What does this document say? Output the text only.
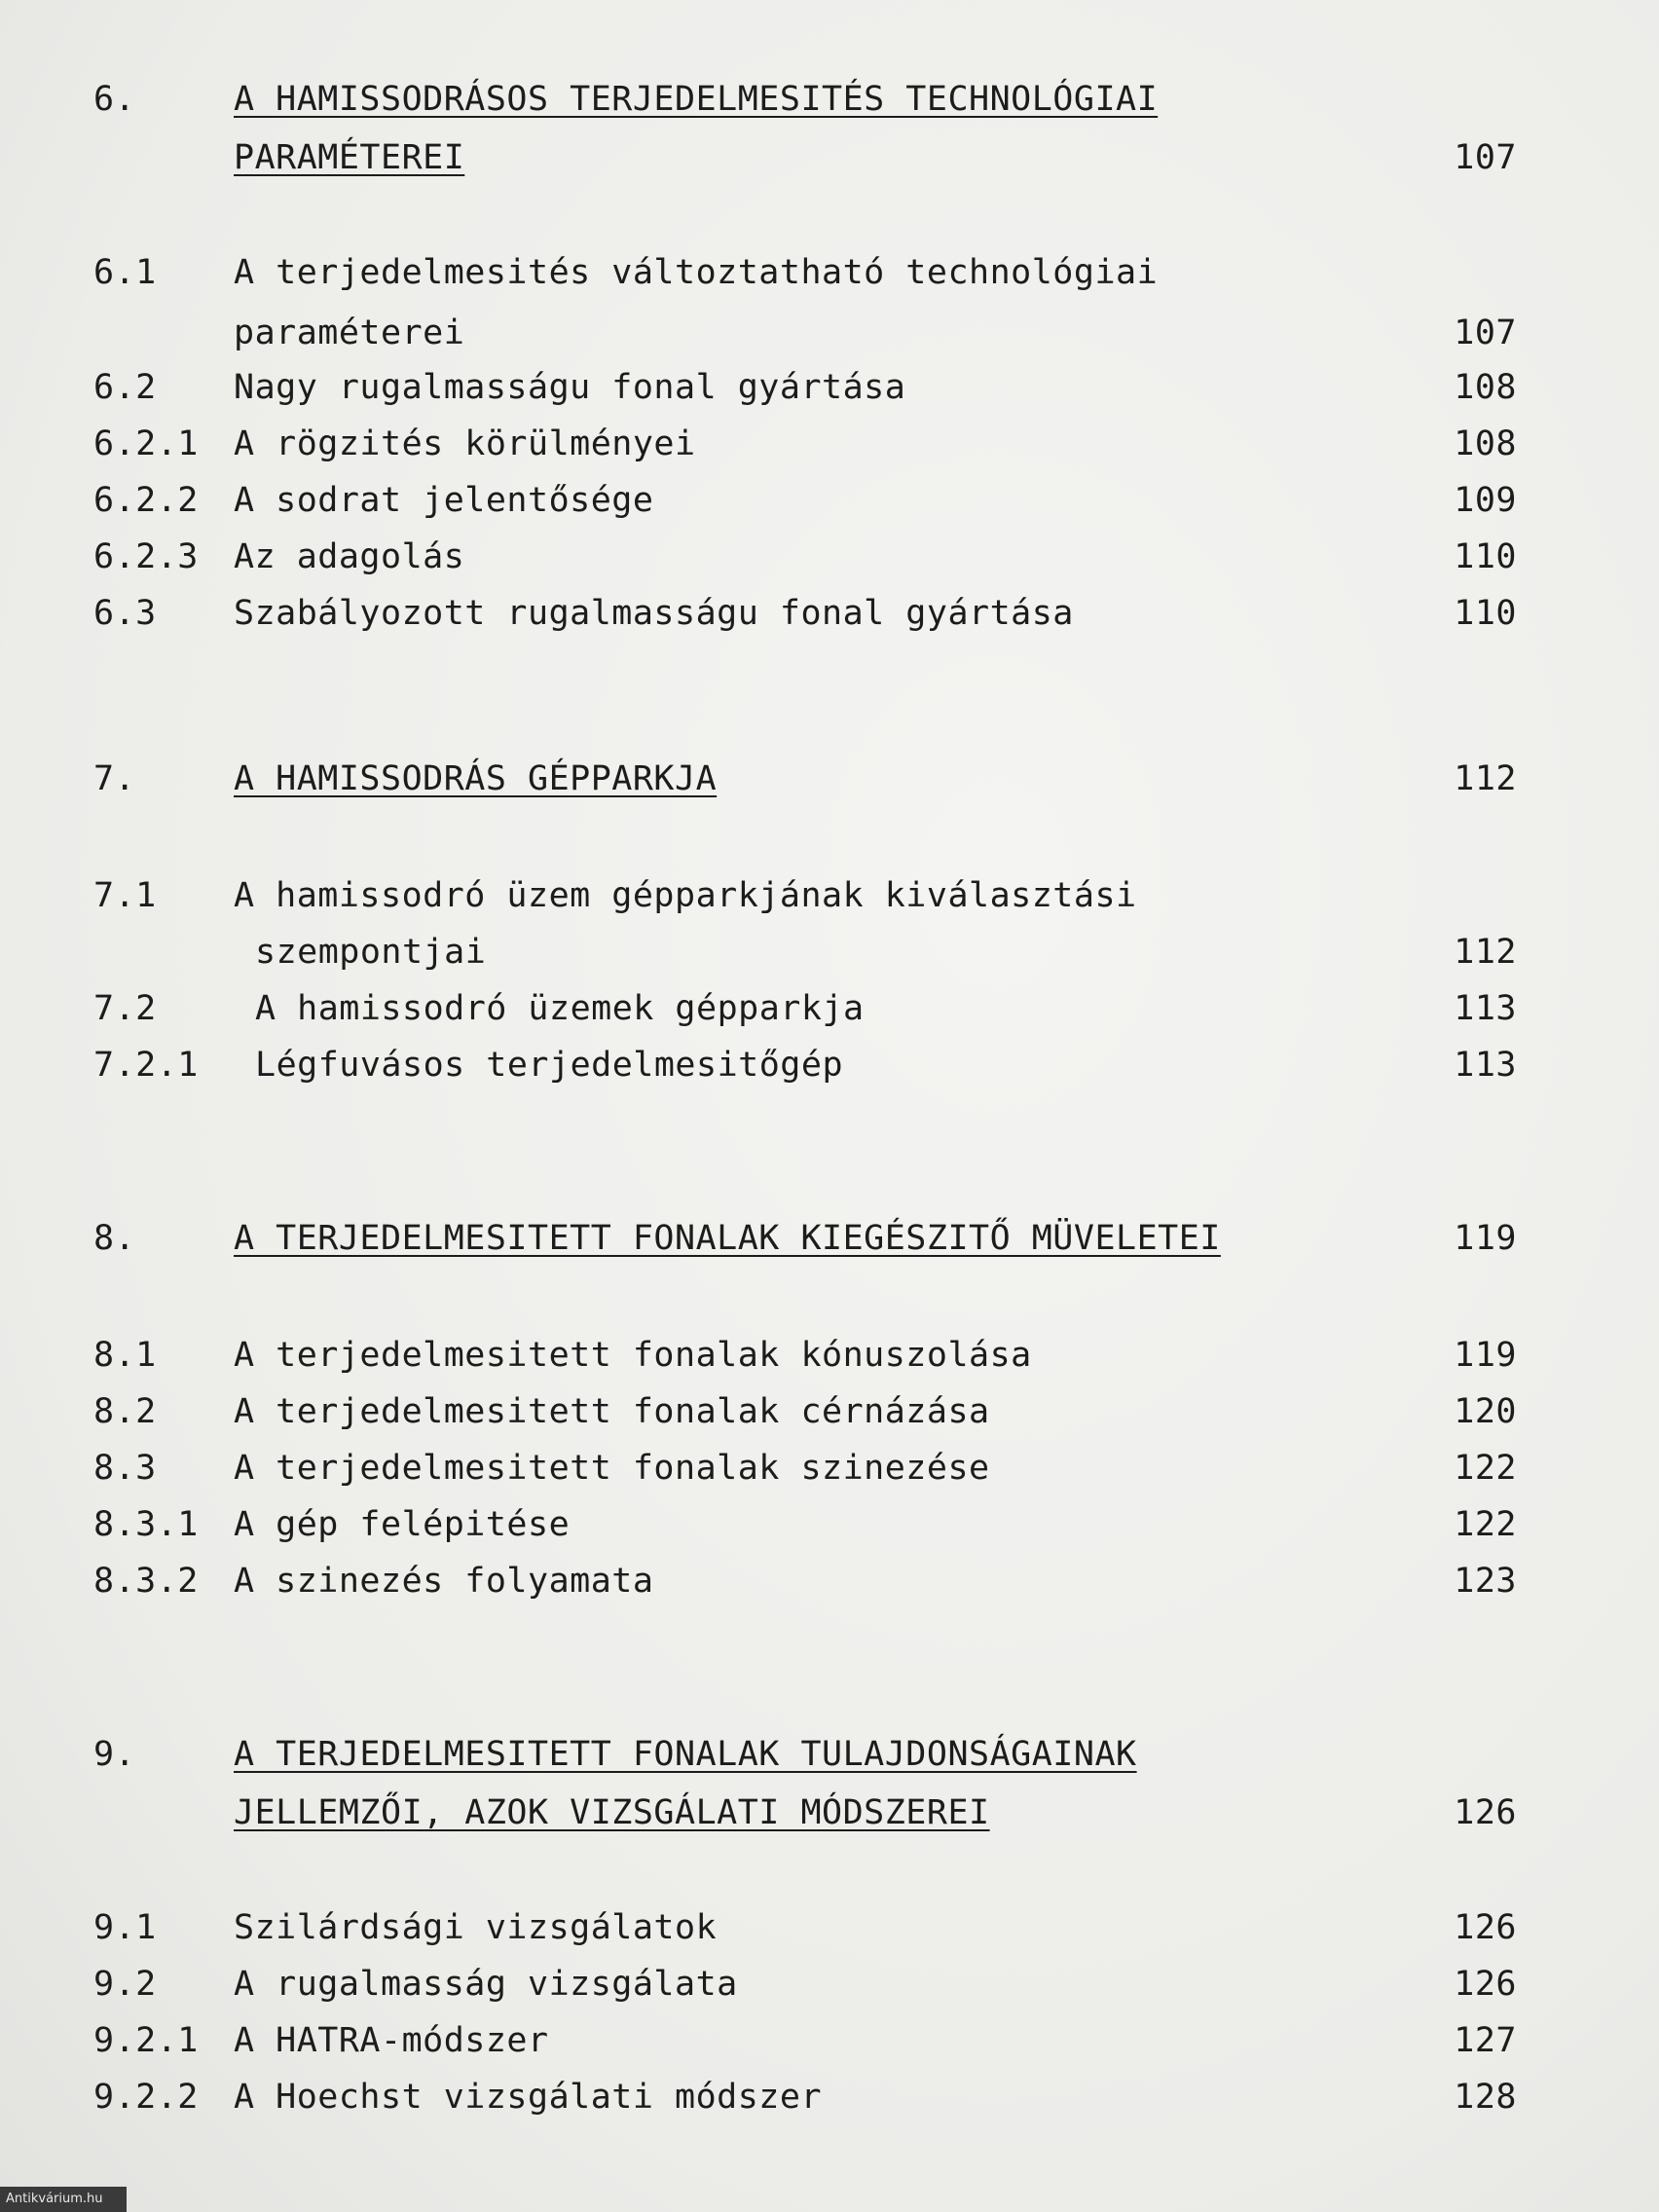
6.	A HAMISSODRÁSOS TERJEDELMESITÉS TECHNOLÓGIAI
PARAMÉTEREI	107
6.1 A terjedelmesités változtatható technológiai
paraméterei	107
6.2 Nagy rugalmasságu fonal gyártása	108
6.2.1 A rögzités körülményei	108
6.2.2 A sodrat jelentősége	109
6.2.3 Az adagolás	110
6.3 Szabályozott rugalmasságu fonal gyártása	110
7.	A HAMISSODRÁS GÉPPARKJA	112
7.1 A hamissodró üzem gépparkjának kiválasztási
szempontjai	112
7.2	A hamissodró üzemek gépparkja	113
7.2.1 Légfuvásos terjedelmesitőgép	113
8.	A TERJEDELMESITETT FONALAK KIEGÉSZITŐ MÜVELETEI	119
8.1 A terjedelmesitett fonalak kónuszolása	119
8.2 A terjedelmesitett fonalak cérnázása	120
8.3 A terjedelmesitett fonalak szinezése	122
8.3.1 A gép felépitése	122
8.3.2 A szinezés folyamata	123
9.	A TERJEDELMESITETT FONALAK TULAJDONSÁGAINAK
JELLEMZŐI, AZOK VIZSGÁLATI MÓDSZEREI	126
9.1 Szilárdsági vizsgálatok	126
9.2 A rugalmasság vizsgálata	126
9.2.1 A HATRA-módszer	127
9.2.2 A Hoechst vizsgálati módszer	128
Antikvárium.hu
